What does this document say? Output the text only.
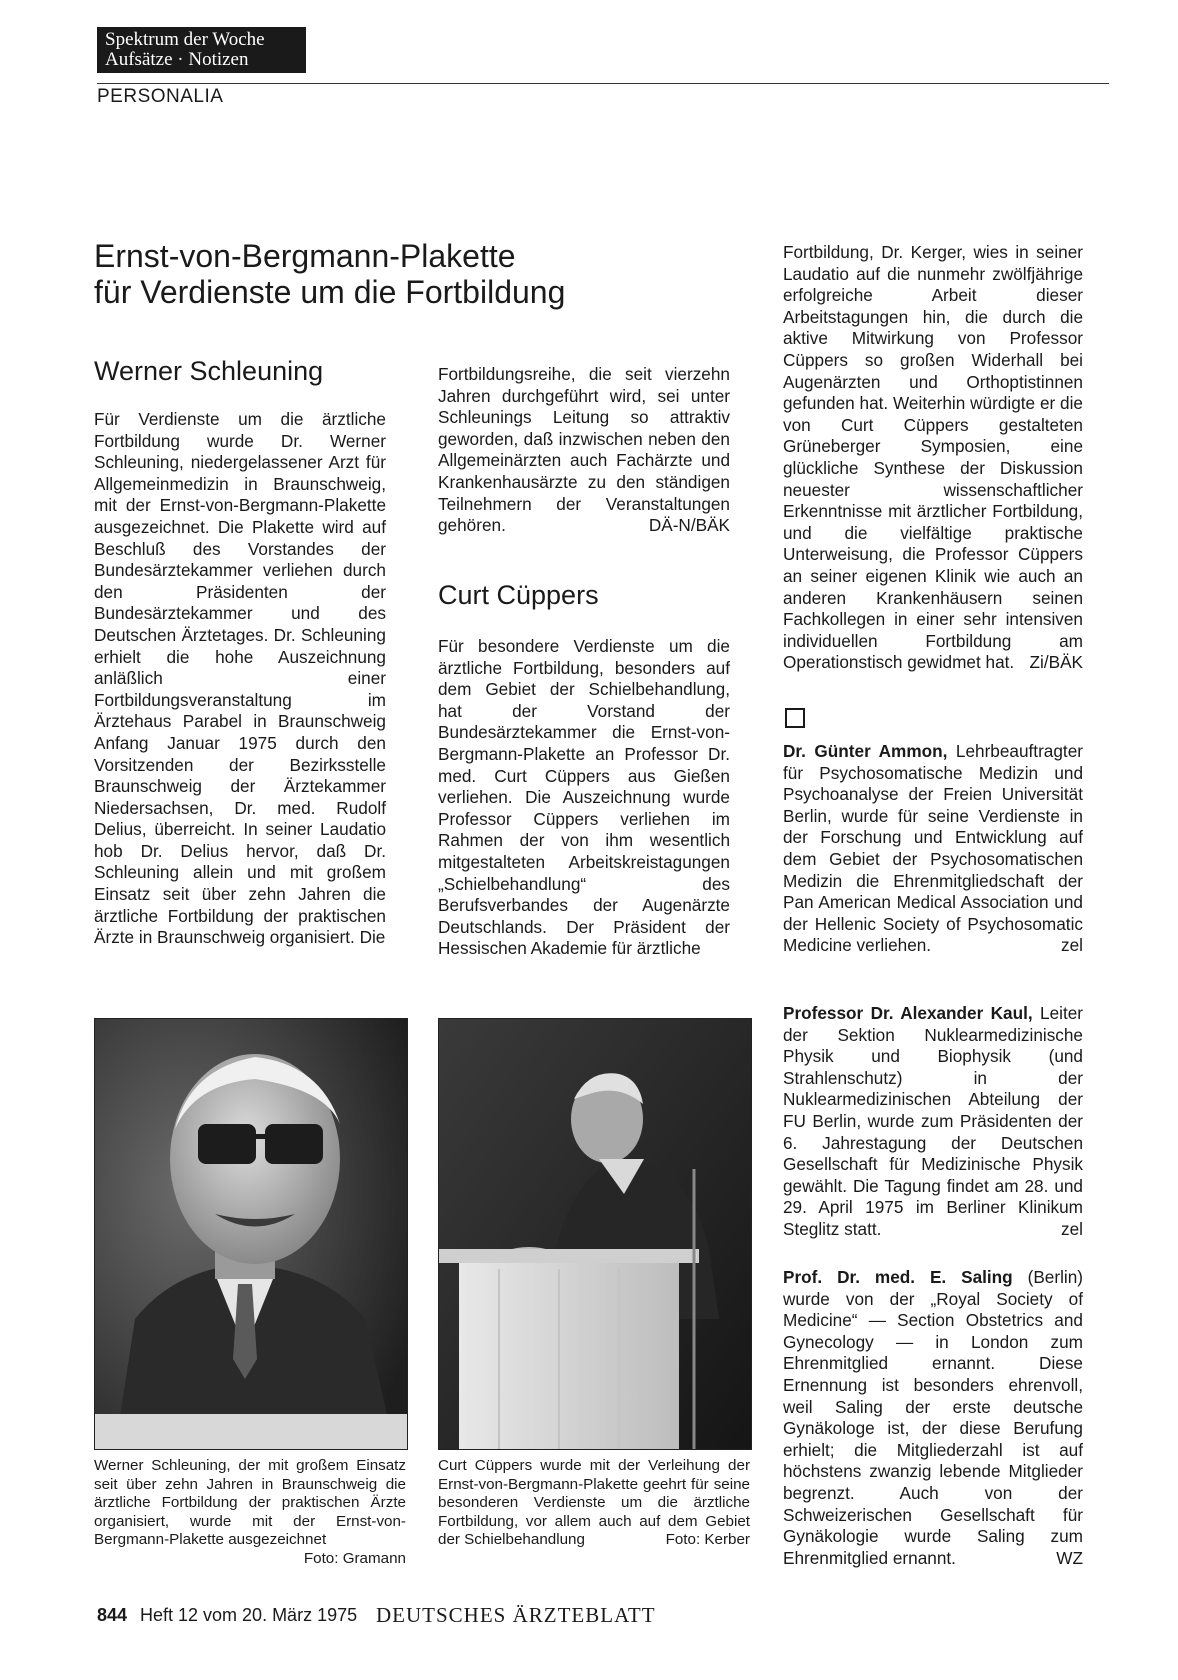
Spektrum der Woche
Aufsätze · Notizen
PERSONALIA
Ernst-von-Bergmann-Plakette
für Verdienste um die Fortbildung
Werner Schleuning

Für Verdienste um die ärztliche Fortbildung wurde Dr. Werner Schleuning, niedergelassener Arzt für Allgemeinmedizin in Braunschweig, mit der Ernst-von-Bergmann-Plakette ausgezeichnet. Die Plakette wird auf Beschluß des Vorstandes der Bundesärztekammer verliehen durch den Präsidenten der Bundesärztekammer und des Deutschen Ärztetages. Dr. Schleuning erhielt die hohe Auszeichnung anläßlich einer Fortbildungsveranstaltung im Ärztehaus Parabel in Braunschweig Anfang Januar 1975 durch den Vorsitzenden der Bezirksstelle Braunschweig der Ärztekammer Niedersachsen, Dr. med. Rudolf Delius, überreicht. In seiner Laudatio hob Dr. Delius hervor, daß Dr. Schleuning allein und mit großem Einsatz seit über zehn Jahren die ärztliche Fortbildung der praktischen Ärzte in Braunschweig organisiert. Die

Fortbildungsreihe, die seit vierzehn Jahren durchgeführt wird, sei unter Schleunings Leitung so attraktiv geworden, daß inzwischen neben den Allgemeinärzten auch Fachärzte und Krankenhausärzte zu den ständigen Teilnehmern der Veranstaltungen gehören.	DÄ-N/BÄK

Curt Cüppers

Für besondere Verdienste um die ärztliche Fortbildung, besonders auf dem Gebiet der Schielbehandlung, hat der Vorstand der Bundesärztekammer die Ernst-von-Bergmann-Plakette an Professor Dr. med. Curt Cüppers aus Gießen verliehen. Die Auszeichnung wurde Professor Cüppers verliehen im Rahmen der von ihm wesentlich mitgestalteten Arbeitskreistagungen „Schielbehandlung“ des Berufsverbandes der Augenärzte Deutschlands. Der Präsident der Hessischen Akademie für ärztliche

Fortbildung, Dr. Kerger, wies in seiner Laudatio auf die nunmehr zwölfjährige erfolgreiche Arbeit dieser Arbeitstagungen hin, die durch die aktive Mitwirkung von Professor Cüppers so großen Widerhall bei Augenärzten und Orthoptistinnen gefunden hat. Weiterhin würdigte er die von Curt Cüppers gestalteten Grüneberger Symposien, eine glückliche Synthese der Diskussion neuester wissenschaftlicher Erkenntnisse mit ärztlicher Fortbildung, und die vielfältige praktische Unterweisung, die Professor Cüppers an seiner eigenen Klinik wie auch an anderen Krankenhäusern seinen Fachkollegen in einer sehr intensiven individuellen Fortbildung am Operationstisch gewidmet hat. Zi/BÄK

Dr. Günter Ammon, Lehrbeauftragter für Psychosomatische Medizin und Psychoanalyse der Freien Universität Berlin, wurde für seine Verdienste in der Forschung und Entwicklung auf dem Gebiet der Psychosomatischen Medizin die Ehrenmitgliedschaft der Pan American Medical Association und der Hellenic Society of Psychosomatic Medicine verliehen.	zel

Professor Dr. Alexander Kaul, Leiter der Sektion Nuklearmedizinische Physik und Biophysik (und Strahlenschutz) in der Nuklearmedizinischen Abteilung der FU Berlin, wurde zum Präsidenten der 6. Jahrestagung der Deutschen Gesellschaft für Medizinische Physik gewählt. Die Tagung findet am 28. und 29. April 1975 im Berliner Klinikum Steglitz statt.	zel

Prof. Dr. med. E. Saling (Berlin) wurde von der „Royal Society of Medicine“ — Section Obstetrics and Gynecology — in London zum Ehrenmitglied ernannt. Diese Ernennung ist besonders ehrenvoll, weil Saling der erste deutsche Gynäkologe ist, der diese Berufung erhielt; die Mitgliederzahl ist auf höchstens zwanzig lebende Mitglieder begrenzt. Auch von der Schweizerischen Gesellschaft für Gynäkologie wurde Saling zum Ehrenmitglied ernannt.	WZ

Werner Schleuning, der mit großem Einsatz seit über zehn Jahren in Braunschweig die ärztliche Fortbildung der praktischen Ärzte organisiert, wurde mit der Ernst-von-Bergmann-Plakette ausgezeichnet
Foto: Gramann
Curt Cüppers wurde mit der Verleihung der Ernst-von-Bergmann-Plakette geehrt für seine besonderen Verdienste um die ärztliche Fortbildung, vor allem auch auf dem Gebiet der Schielbehandlung	Foto: Kerber
844 Heft 12 vom 20. März 1975 DEUTSCHES ÄRZTEBLATT
